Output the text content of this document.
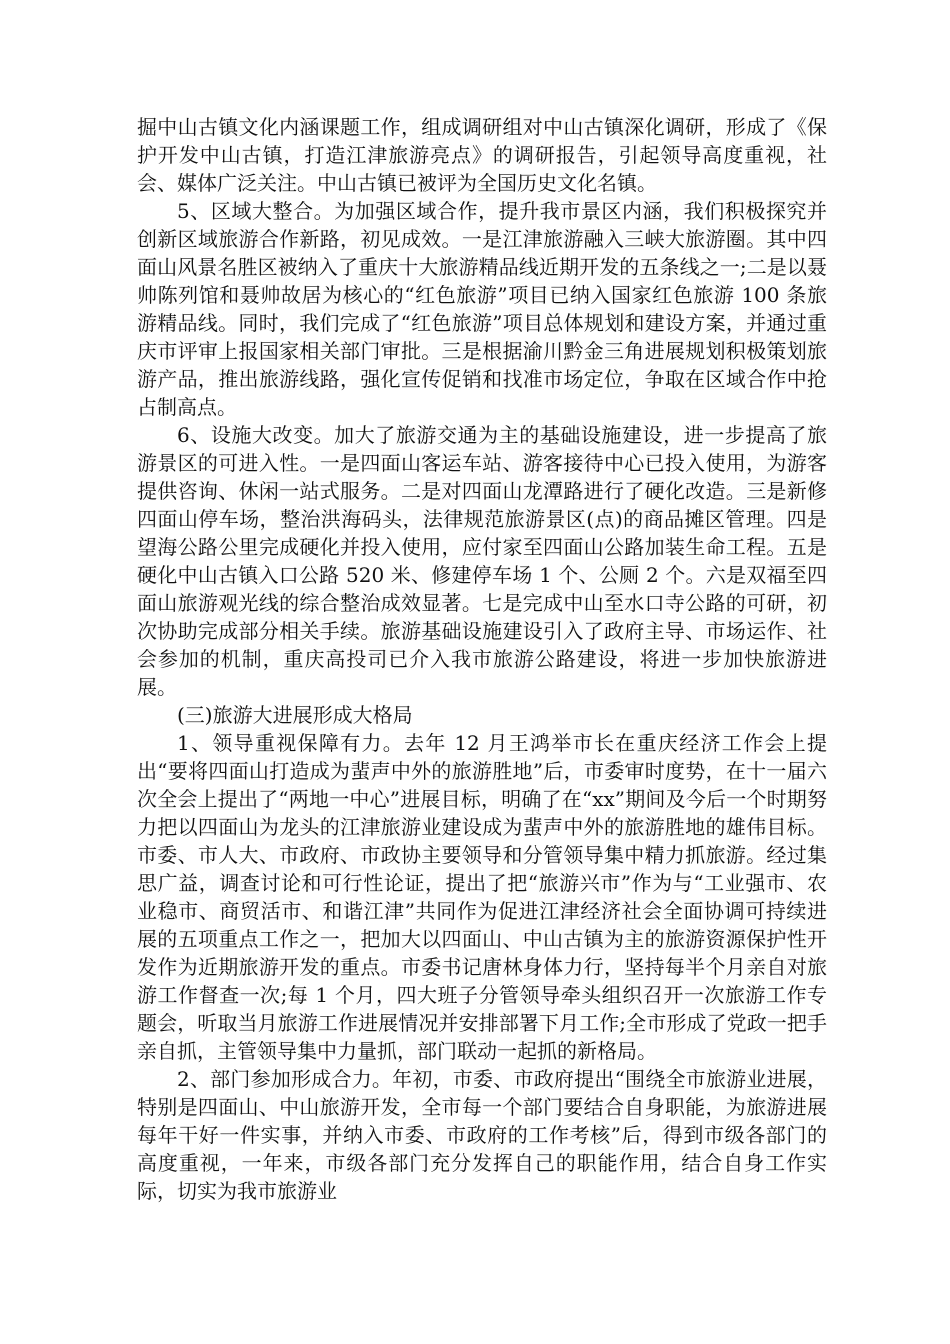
掘中山古镇文化内涵课题工作，组成调研组对中山古镇深化调研，形成了《保护开发中山古镇，打造江津旅游亮点》的调研报告，引起领导高度重视，社会、媒体广泛关注。中山古镇已被评为全国历史文化名镇。

5、区域大整合。为加强区域合作，提升我市景区内涵，我们积极探究并创新区域旅游合作新路，初见成效。一是江津旅游融入三峡大旅游圈。其中四面山风景名胜区被纳入了重庆十大旅游精品线近期开发的五条线之一;二是以聂帅陈列馆和聂帅故居为核心的“红色旅游”项目已纳入国家红色旅游 100 条旅游精品线。同时，我们完成了“红色旅游”项目总体规划和建设方案，并通过重庆市评审上报国家相关部门审批。三是根据渝川黔金三角进展规划积极策划旅游产品，推出旅游线路，强化宣传促销和找准市场定位，争取在区域合作中抢占制高点。

6、设施大改变。加大了旅游交通为主的基础设施建设，进一步提高了旅游景区的可进入性。一是四面山客运车站、游客接待中心已投入使用，为游客提供咨询、休闲一站式服务。二是对四面山龙潭路进行了硬化改造。三是新修四面山停车场，整治洪海码头，法律规范旅游景区(点)的商品摊区管理。四是望海公路公里完成硬化并投入使用，应付家至四面山公路加装生命工程。五是硬化中山古镇入口公路 520 米、修建停车场 1 个、公厕 2 个。六是双福至四面山旅游观光线的综合整治成效显著。七是完成中山至水口寺公路的可研，初次协助完成部分相关手续。旅游基础设施建设引入了政府主导、市场运作、社会参加的机制，重庆高投司已介入我市旅游公路建设，将进一步加快旅游进展。

(三)旅游大进展形成大格局

1、领导重视保障有力。去年 12 月王鸿举市长在重庆经济工作会上提出“要将四面山打造成为蜚声中外的旅游胜地”后，市委审时度势，在十一届六次全会上提出了“两地一中心”进展目标，明确了在“xx”期间及今后一个时期努力把以四面山为龙头的江津旅游业建设成为蜚声中外的旅游胜地的雄伟目标。市委、市人大、市政府、市政协主要领导和分管领导集中精力抓旅游。经过集思广益，调查讨论和可行性论证，提出了把“旅游兴市”作为与“工业强市、农业稳市、商贸活市、和谐江津”共同作为促进江津经济社会全面协调可持续进展的五项重点工作之一，把加大以四面山、中山古镇为主的旅游资源保护性开发作为近期旅游开发的重点。市委书记唐林身体力行，坚持每半个月亲自对旅游工作督查一次;每 1 个月，四大班子分管领导牵头组织召开一次旅游工作专题会，听取当月旅游工作进展情况并安排部署下月工作;全市形成了党政一把手亲自抓，主管领导集中力量抓，部门联动一起抓的新格局。

2、部门参加形成合力。年初，市委、市政府提出“围绕全市旅游业进展，特别是四面山、中山旅游开发，全市每一个部门要结合自身职能，为旅游进展每年干好一件实事，并纳入市委、市政府的工作考核”后，得到市级各部门的高度重视，一年来，市级各部门充分发挥自己的职能作用，结合自身工作实际，切实为我市旅游业
